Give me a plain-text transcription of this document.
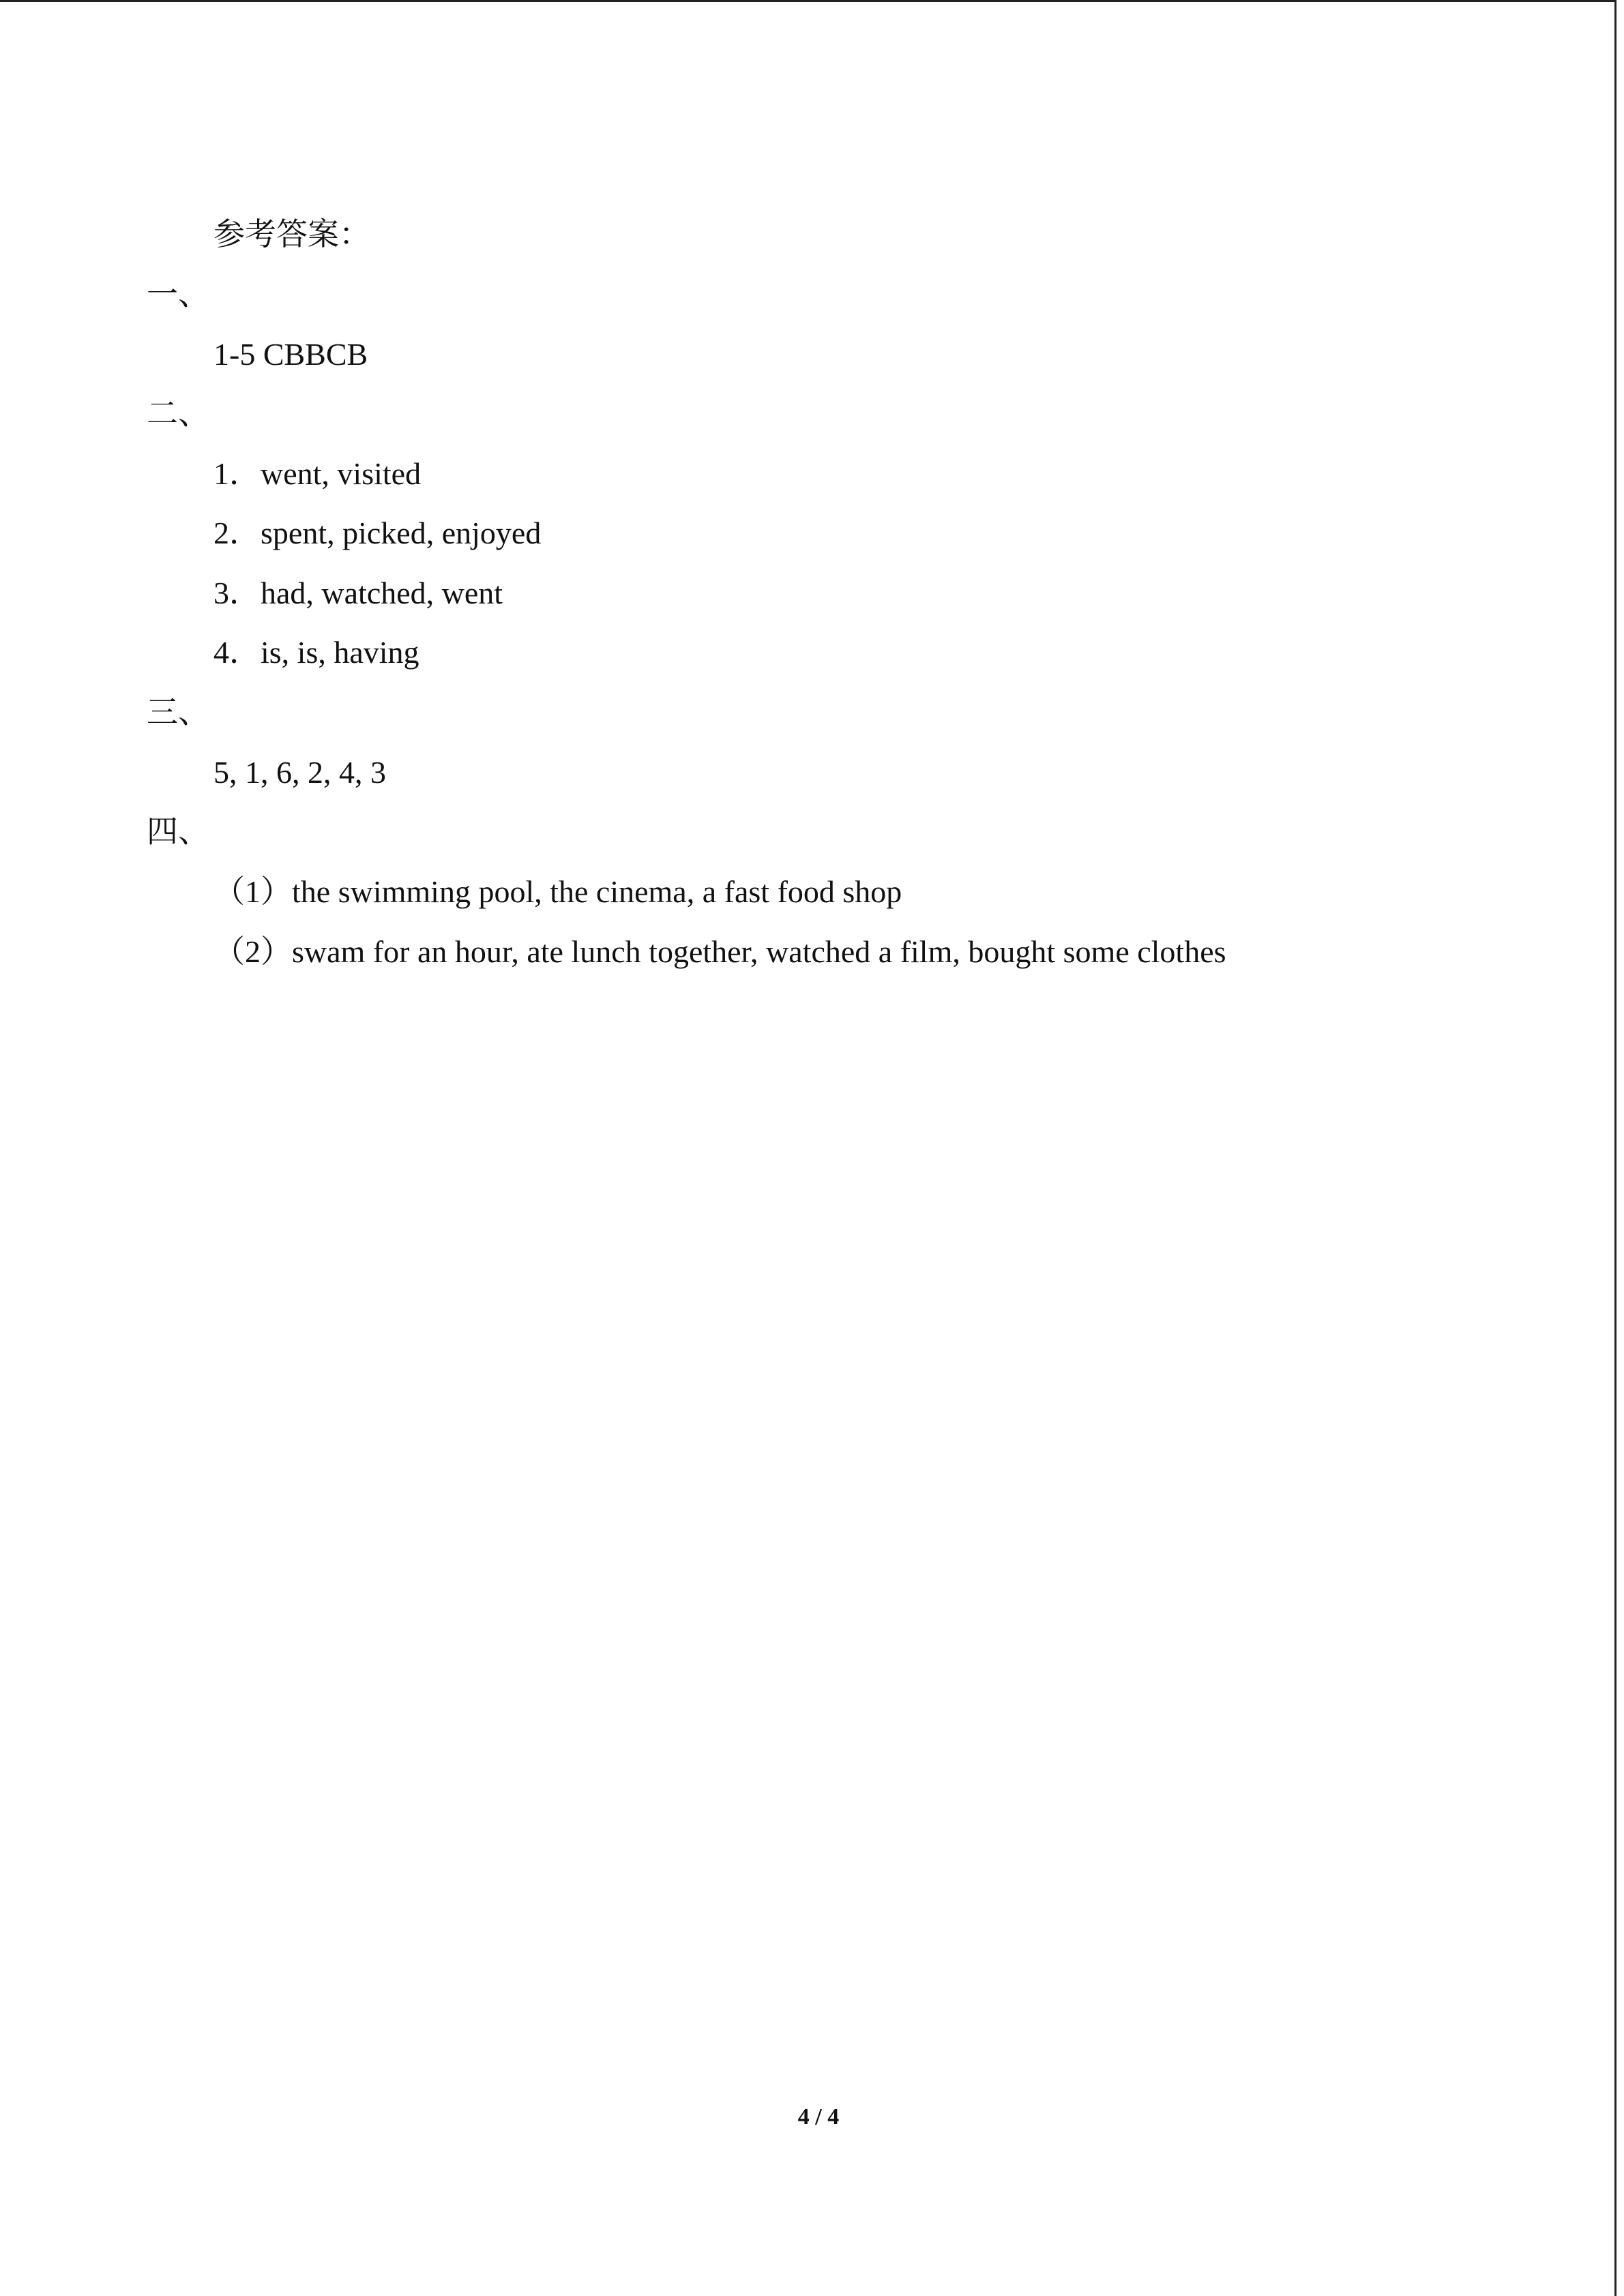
参考答案：
一、
1-5 CBBCB
二、
1．went, visited
2．spent, picked, enjoyed
3．had, watched, went
4．is, is, having
三、
5, 1, 6, 2, 4, 3
四、
（1）the swimming pool, the cinema, a fast food shop
（2）swam for an hour, ate lunch together, watched a film, bought some clothes
4 / 4
